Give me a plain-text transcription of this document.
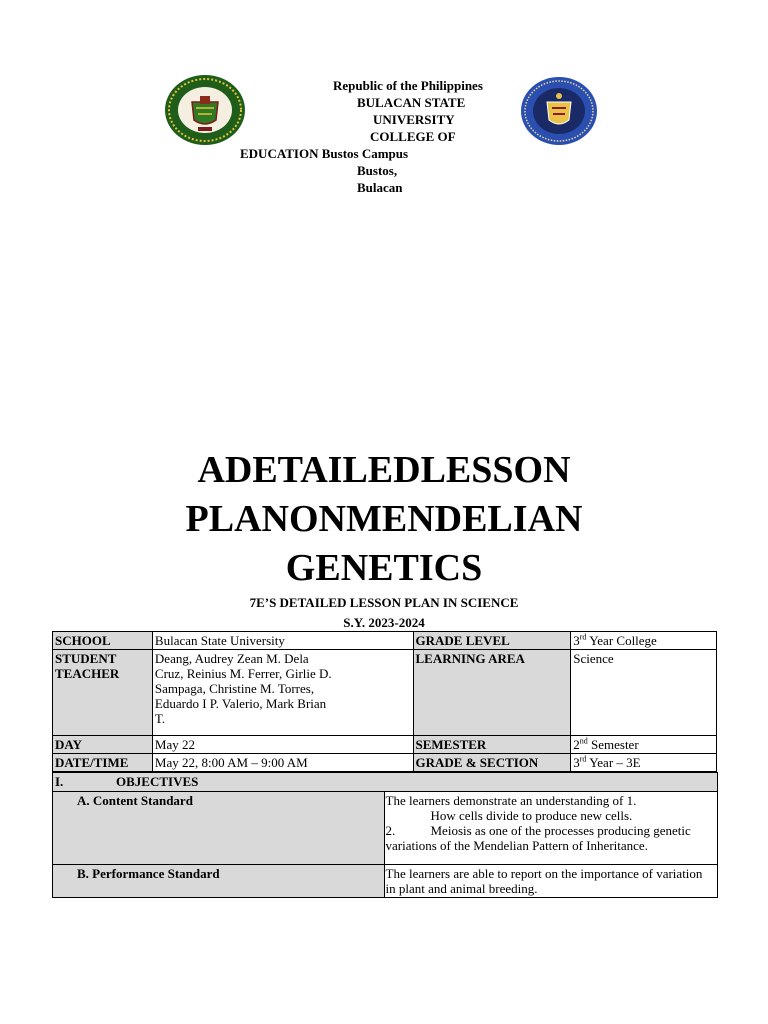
Republic of the Philippines
BULACAN STATE
UNIVERSITY
COLLEGE OF
EDUCATION Bustos Campus
Bustos,
Bulacan
ADETAILEDLESSON
PLANONMENDELIAN
GENETICS
7E’S DETAILED LESSON PLAN IN SCIENCE
S.Y. 2023-2024
SCHOOL	Bulacan State University	GRADE LEVEL	3rd Year College
STUDENT TEACHER	Deang, Audrey Zean M. Dela Cruz, Reinius M. Ferrer, Girlie D. Sampaga, Christine M. Torres, Eduardo I P. Valerio, Mark Brian T.	LEARNING AREA	Science
DAY	May 22	SEMESTER	2nd Semester
DATE/TIME	May 22, 8:00 AM – 9:00 AM	GRADE & SECTION	3rd Year – 3E
I.	OBJECTIVES
A. Content Standard	The learners demonstrate an understanding of 1.
How cells divide to produce new cells.
2. Meiosis as one of the processes producing genetic variations of the Mendelian Pattern of Inheritance.

B. Performance Standard	The learners are able to report on the importance of variation in plant and animal breeding.
